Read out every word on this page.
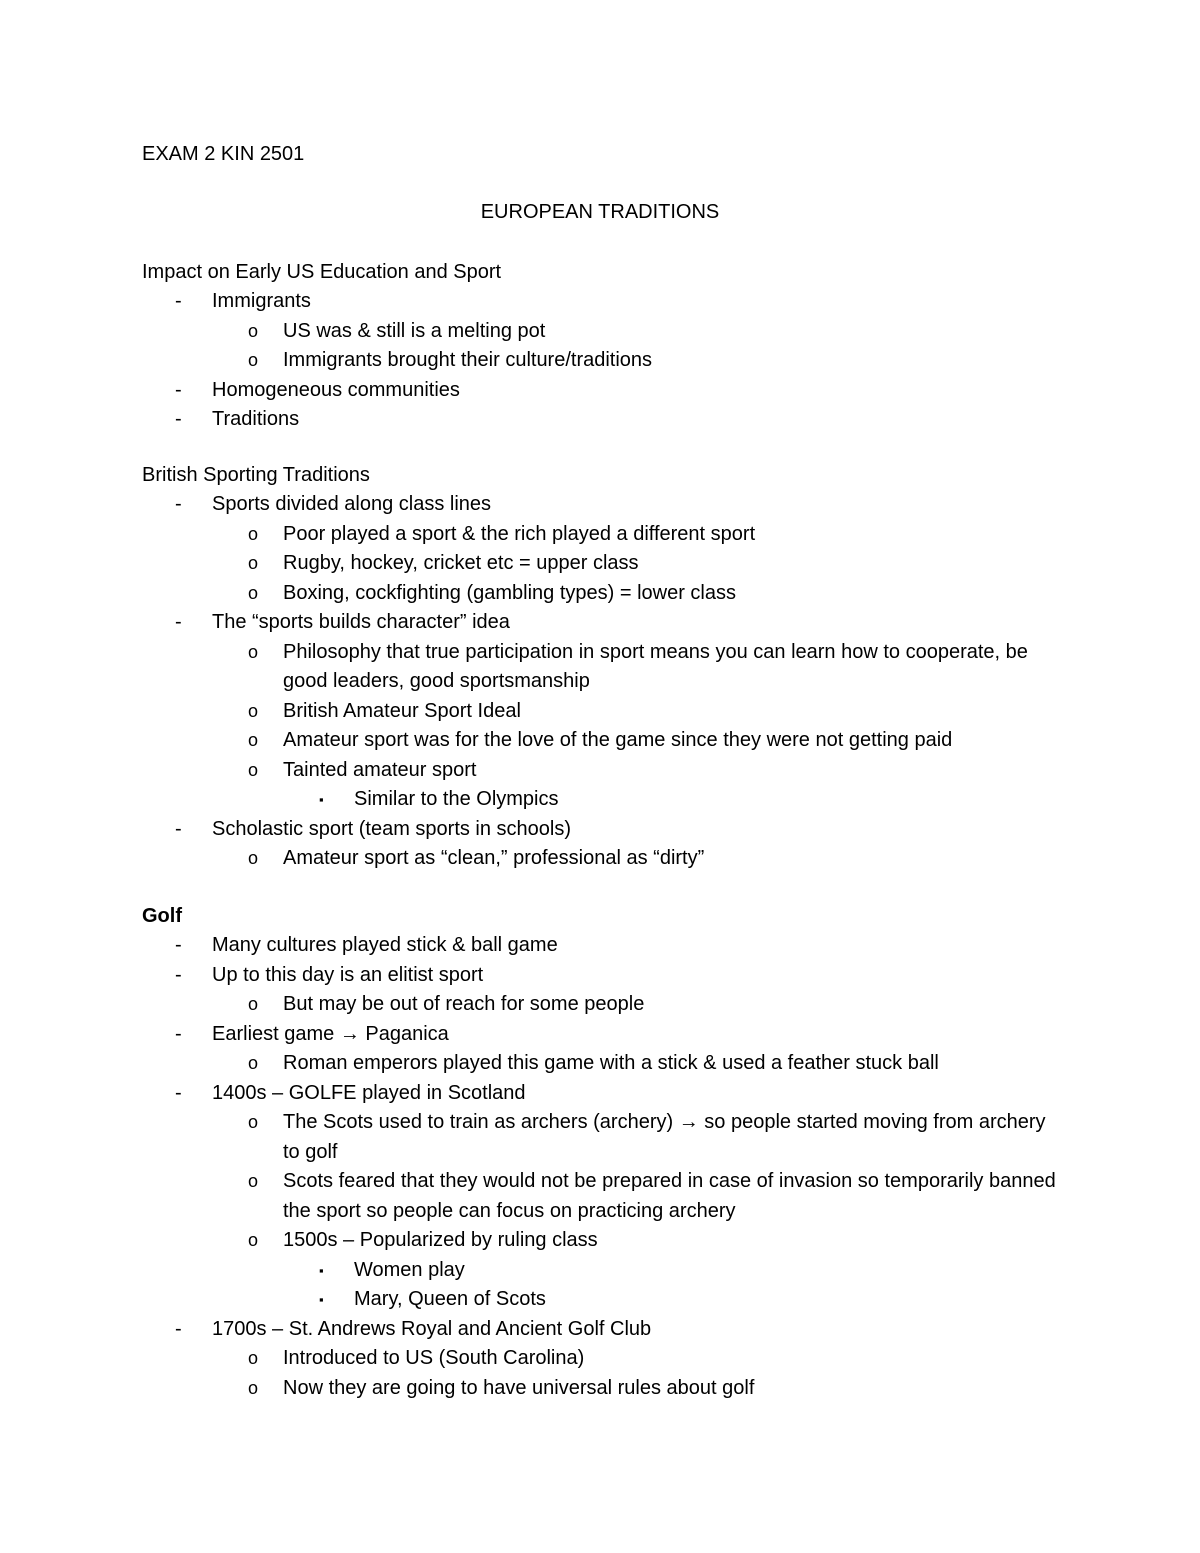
EXAM 2 KIN 2501
EUROPEAN TRADITIONS
Impact on Early US Education and Sport
-	Immigrants
o	US was & still is a melting pot
o	Immigrants brought their culture/traditions
-	Homogeneous communities
-	Traditions
British Sporting Traditions
-	Sports divided along class lines
o	Poor played a sport & the rich played a different sport
o	Rugby, hockey, cricket etc = upper class
o	Boxing, cockfighting (gambling types) = lower class
-	The “sports builds character” idea
o	Philosophy that true participation in sport means you can learn how to cooperate, be good leaders, good sportsmanship
o	British Amateur Sport Ideal
o	Amateur sport was for the love of the game since they were not getting paid
o	Tainted amateur sport
▪	Similar to the Olympics
-	Scholastic sport (team sports in schools)
o	Amateur sport as “clean,” professional as “dirty”
Golf
-	Many cultures played stick & ball game
-	Up to this day is an elitist sport
o	But may be out of reach for some people
-	Earliest game → Paganica
o	Roman emperors played this game with a stick & used a feather stuck ball
-	1400s – GOLFE played in Scotland
o	The Scots used to train as archers (archery) → so people started moving from archery to golf
o	Scots feared that they would not be prepared in case of invasion so temporarily banned the sport so people can focus on practicing archery
o	1500s – Popularized by ruling class
▪	Women play
▪	Mary, Queen of Scots
-	1700s – St. Andrews Royal and Ancient Golf Club
o	Introduced to US (South Carolina)
o	Now they are going to have universal rules about golf
